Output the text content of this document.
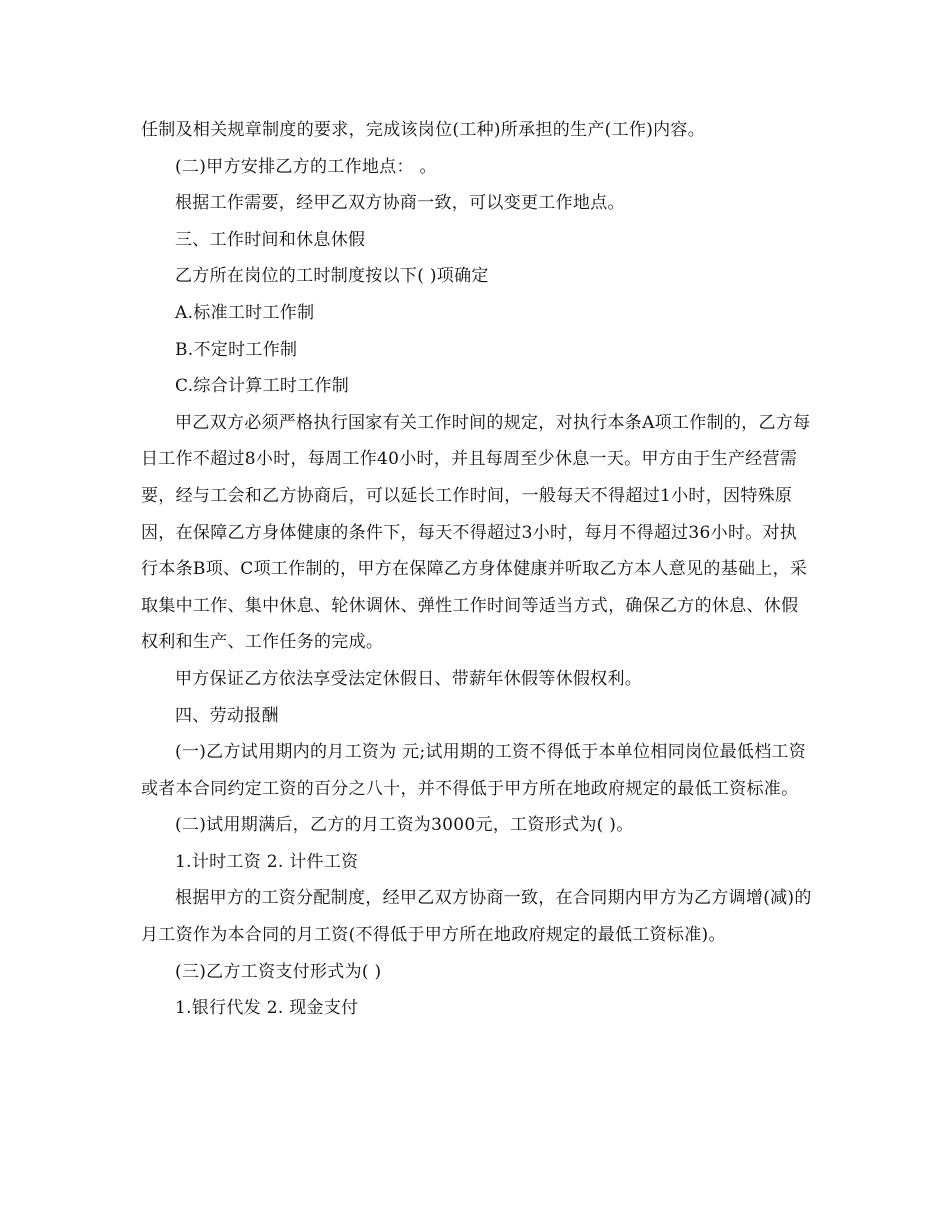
任制及相关规章制度的要求，完成该岗位(工种)所承担的生产(工作)内容。

(二)甲方安排乙方的工作地点： 。

根据工作需要，经甲乙双方协商一致，可以变更工作地点。

三、工作时间和休息休假

乙方所在岗位的工时制度按以下( )项确定

A.标准工时工作制

B.不定时工作制

C.综合计算工时工作制

甲乙双方必须严格执行国家有关工作时间的规定，对执行本条A项工作制的，乙方每日工作不超过8小时，每周工作40小时，并且每周至少休息一天。甲方由于生产经营需要，经与工会和乙方协商后，可以延长工作时间，一般每天不得超过1小时，因特殊原因，在保障乙方身体健康的条件下，每天不得超过3小时，每月不得超过36小时。对执行本条B项、C项工作制的，甲方在保障乙方身体健康并听取乙方本人意见的基础上，采取集中工作、集中休息、轮休调休、弹性工作时间等适当方式，确保乙方的休息、休假权利和生产、工作任务的完成。

甲方保证乙方依法享受法定休假日、带薪年休假等休假权利。

四、劳动报酬

(一)乙方试用期内的月工资为 元;试用期的工资不得低于本单位相同岗位最低档工资或者本合同约定工资的百分之八十，并不得低于甲方所在地政府规定的最低工资标准。

(二)试用期满后，乙方的月工资为3000元，工资形式为( )。

1.计时工资 2. 计件工资

根据甲方的工资分配制度，经甲乙双方协商一致，在合同期内甲方为乙方调增(减)的月工资作为本合同的月工资(不得低于甲方所在地政府规定的最低工资标准)。

(三)乙方工资支付形式为( )

1.银行代发 2. 现金支付
